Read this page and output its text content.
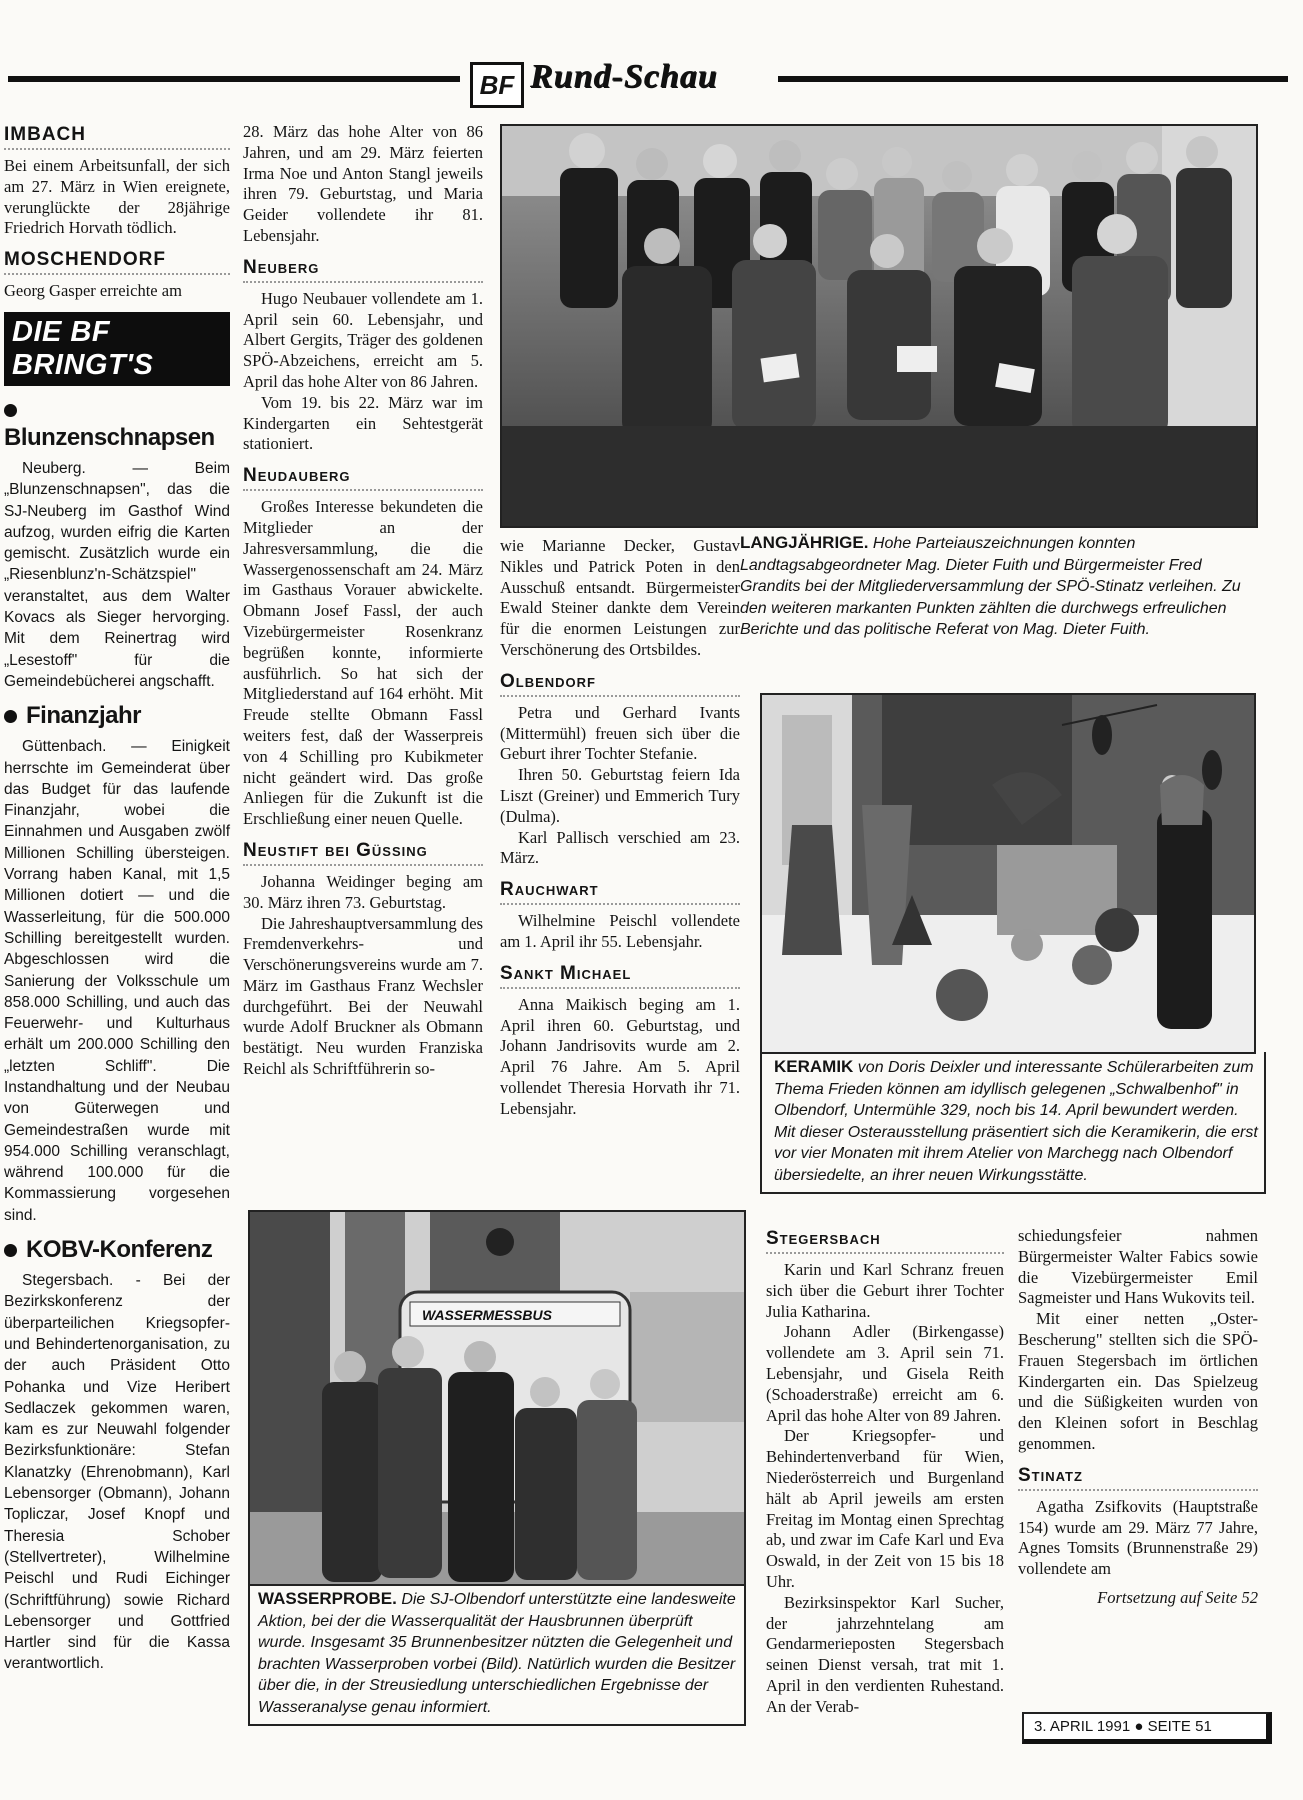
BF Rund-Schau
IMBACH

Bei einem Arbeitsunfall, der sich am 27. März in Wien ereignete, verunglückte der 28jährige Friedrich Horvath tödlich.

MOSCHENDORF

Georg Gasper erreichte am

DIE BF BRINGT'S
Blunzenschnapsen

Neuberg. — Beim „Blunzenschnapsen", das die SJ-Neuberg im Gasthof Wind aufzog, wurden eifrig die Karten gemischt. Zusätzlich wurde ein „Riesenblunz'n-Schätzspiel" veranstaltet, aus dem Walter Kovacs als Sieger hervorging. Mit dem Reinertrag wird „Lesestoff" für die Gemeindebücherei angschafft.

Finanzjahr

Güttenbach. — Einigkeit herrschte im Gemeinderat über das Budget für das laufende Finanzjahr, wobei die Einnahmen und Ausgaben zwölf Millionen Schilling übersteigen. Vorrang haben Kanal, mit 1,5 Millionen dotiert — und die Wasserleitung, für die 500.000 Schilling bereitgestellt wurden. Abgeschlossen wird die Sanierung der Volksschule um 858.000 Schilling, und auch das Feuerwehr- und Kulturhaus erhält um 200.000 Schilling den „letzten Schliff". Die Instandhaltung und der Neubau von Güterwegen und Gemeindestraßen wurde mit 954.000 Schilling veranschlagt, während 100.000 für die Kommassierung vorgesehen sind.

KOBV-Konferenz

Stegersbach. - Bei der Bezirkskonferenz der überparteilichen Kriegsopfer- und Behindertenorganisation, zu der auch Präsident Otto Pohanka und Vize Heribert Sedlaczek gekommen waren, kam es zur Neuwahl folgender Bezirksfunktionäre: Stefan Klanatzky (Ehrenobmann), Karl Lebensorger (Obmann), Johann Topliczar, Josef Knopf und Theresia Schober (Stellvertreter), Wilhelmine Peischl und Rudi Eichinger (Schriftführung) sowie Richard Lebensorger und Gottfried Hartler sind für die Kassa verantwortlich.

28. März das hohe Alter von 86 Jahren, und am 29. März feierten Irma Noe und Anton Stangl jeweils ihren 79. Geburtstag, und Maria Geider vollendete ihr 81. Lebensjahr.

Neuberg

Hugo Neubauer vollendete am 1. April sein 60. Lebensjahr, und Albert Gergits, Träger des goldenen SPÖ-Abzeichens, erreicht am 5. April das hohe Alter von 86 Jahren.

Vom 19. bis 22. März war im Kindergarten ein Sehtestgerät stationiert.

Neudauberg

Großes Interesse bekundeten die Mitglieder an der Jahresversammlung, die die Wassergenossenschaft am 24. März im Gasthaus Vorauer abwickelte. Obmann Josef Fassl, der auch Vizebürgermeister Rosenkranz begrüßen konnte, informierte ausführlich. So hat sich der Mitgliederstand auf 164 erhöht. Mit Freude stellte Obmann Fassl weiters fest, daß der Wasserpreis von 4 Schilling pro Kubikmeter nicht geändert wird. Das große Anliegen für die Zukunft ist die Erschließung einer neuen Quelle.

Neustift bei Güssing

Johanna Weidinger beging am 30. März ihren 73. Geburtstag.

Die Jahreshauptversammlung des Fremdenverkehrs- und Verschönerungsvereins wurde am 7. März im Gasthaus Franz Wechsler durchgeführt. Bei der Neuwahl wurde Adolf Bruckner als Obmann bestätigt. Neu wurden Franziska Reichl als Schriftführerin so-

wie Marianne Decker, Gustav Nikles und Patrick Poten in den Ausschuß entsandt. Bürgermeister Ewald Steiner dankte dem Verein für die enormen Leistungen zur Verschönerung des Ortsbildes.

Olbendorf

Petra und Gerhard Ivants (Mittermühl) freuen sich über die Geburt ihrer Tochter Stefanie.

Ihren 50. Geburtstag feiern Ida Liszt (Greiner) und Emmerich Tury (Dulma).

Karl Pallisch verschied am 23. März.

Rauchwart

Wilhelmine Peischl vollendete am 1. April ihr 55. Lebensjahr.

Sankt Michael

Anna Maikisch beging am 1. April ihren 60. Geburtstag, und Johann Jandrisovits wurde am 2. April 76 Jahre. Am 5. April vollendet Theresia Horvath ihr 71. Lebensjahr.

LANGJÄHRIGE. Hohe Parteiauszeichnungen konnten Landtagsabgeordneter Mag. Dieter Fuith und Bürgermeister Fred Grandits bei der Mitgliederversammlung der SPÖ-Stinatz verleihen. Zu den weiteren markanten Punkten zählten die durchwegs erfreulichen Berichte und das politische Referat von Mag. Dieter Fuith.
KERAMIK von Doris Deixler und interessante Schülerarbeiten zum Thema Frieden können am idyllisch gelegenen „Schwalbenhof" in Olbendorf, Untermühle 329, noch bis 14. April bewundert werden. Mit dieser Osterausstellung präsentiert sich die Keramikerin, die erst vor vier Monaten mit ihrem Atelier von Marchegg nach Olbendorf übersiedelte, an ihrer neuen Wirkungsstätte.
WASSERMESSBUS
WASSERPROBE. Die SJ-Olbendorf unterstützte eine landesweite Aktion, bei der die Wasserqualität der Hausbrunnen überprüft wurde. Insgesamt 35 Brunnenbesitzer nützten die Gelegenheit und brachten Wasserproben vorbei (Bild). Natürlich wurden die Besitzer über die, in der Streusiedlung unterschiedlichen Ergebnisse der Wasseranalyse genau informiert.
Stegersbach

Karin und Karl Schranz freuen sich über die Geburt ihrer Tochter Julia Katharina.

Johann Adler (Birkengasse) vollendete am 3. April sein 71. Lebensjahr, und Gisela Reith (Schoaderstraße) erreicht am 6. April das hohe Alter von 89 Jahren.

Der Kriegsopfer- und Behindertenverband für Wien, Niederösterreich und Burgenland hält ab April jeweils am ersten Freitag im Montag einen Sprechtag ab, und zwar im Cafe Karl und Eva Oswald, in der Zeit von 15 bis 18 Uhr.

Bezirksinspektor Karl Sucher, der jahrzehntelang am Gendarmerieposten Stegersbach seinen Dienst versah, trat mit 1. April in den verdienten Ruhestand. An der Verab-

schiedungsfeier nahmen Bürgermeister Walter Fabics sowie die Vizebürgermeister Emil Sagmeister und Hans Wukovits teil.

Mit einer netten „Oster-Bescherung" stellten sich die SPÖ-Frauen Stegersbach im örtlichen Kindergarten ein. Das Spielzeug und die Süßigkeiten wurden von den Kleinen sofort in Beschlag genommen.

Stinatz

Agatha Zsifkovits (Hauptstraße 154) wurde am 29. März 77 Jahre, Agnes Tomsits (Brunnenstraße 29) vollendete am

Fortsetzung auf Seite 52
3. APRIL 1991 ● SEITE 51
